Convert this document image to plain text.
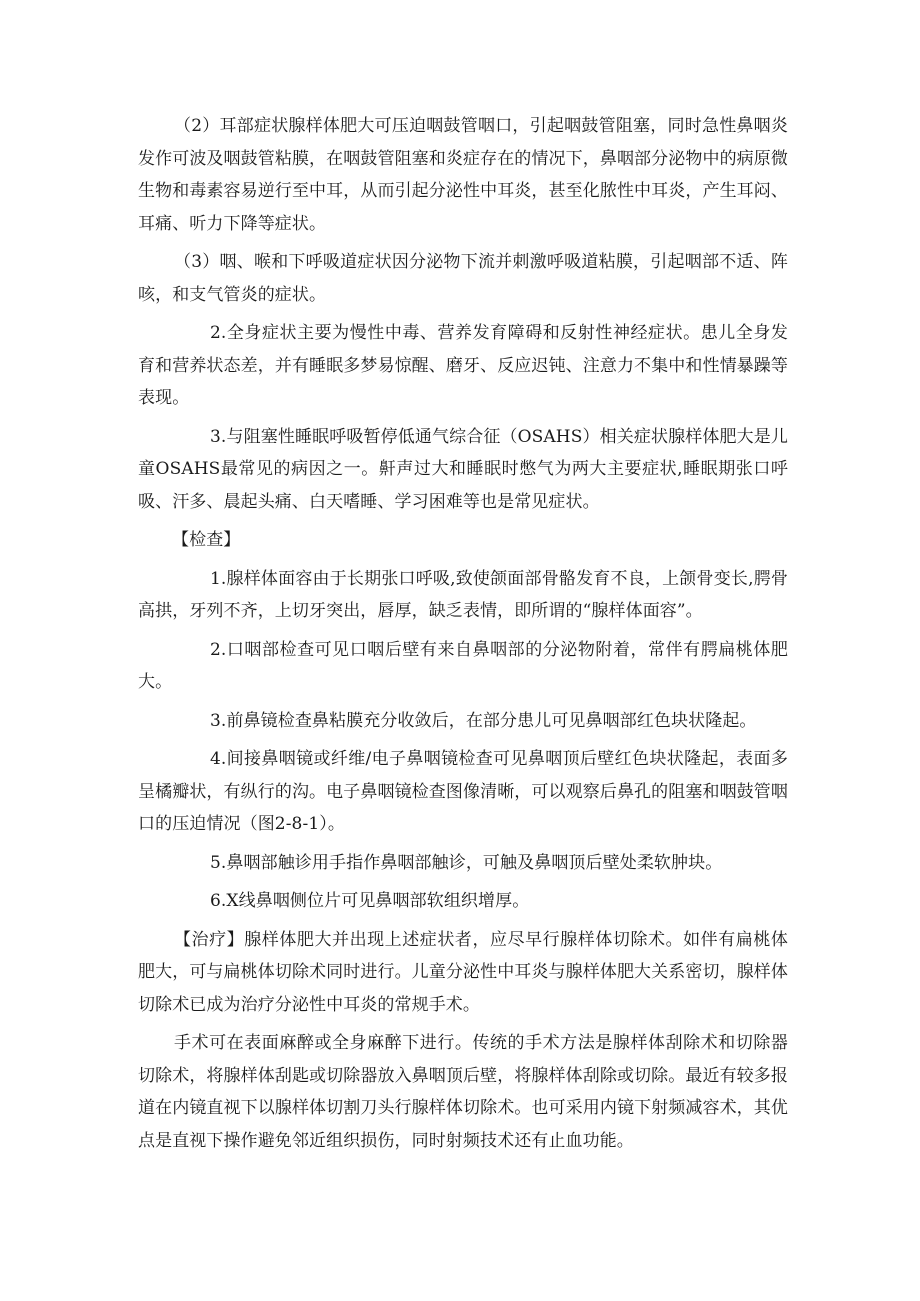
（2）耳部症状腺样体肥大可压迫咽鼓管咽口，引起咽鼓管阻塞，同时急性鼻咽炎发作可波及咽鼓管粘膜，在咽鼓管阻塞和炎症存在的情况下，鼻咽部分泌物中的病原微生物和毒素容易逆行至中耳，从而引起分泌性中耳炎，甚至化脓性中耳炎，产生耳闷、耳痛、听力下降等症状。

（3）咽、喉和下呼吸道症状因分泌物下流并刺激呼吸道粘膜，引起咽部不适、阵咳，和支气管炎的症状。

2.全身症状主要为慢性中毒、营养发育障碍和反射性神经症状。患儿全身发育和营养状态差，并有睡眠多梦易惊醒、磨牙、反应迟钝、注意力不集中和性情暴躁等表现。

3.与阻塞性睡眠呼吸暂停低通气综合征（OSAHS）相关症状腺样体肥大是儿童OSAHS最常见的病因之一。鼾声过大和睡眠时憋气为两大主要症状,睡眠期张口呼吸、汗多、晨起头痛、白天嗜睡、学习困难等也是常见症状。

【检查】

1.腺样体面容由于长期张口呼吸,致使颌面部骨骼发育不良，上颌骨变长,腭骨高拱，牙列不齐，上切牙突出，唇厚，缺乏表情，即所谓的“腺样体面容”。

2.口咽部检查可见口咽后壁有来自鼻咽部的分泌物附着，常伴有腭扁桃体肥大。

3.前鼻镜检查鼻粘膜充分收敛后，在部分患儿可见鼻咽部红色块状隆起。

4.间接鼻咽镜或纤维/电子鼻咽镜检查可见鼻咽顶后壁红色块状隆起，表面多呈橘瓣状，有纵行的沟。电子鼻咽镜检查图像清晰，可以观察后鼻孔的阻塞和咽鼓管咽口的压迫情况（图2-8-1）。

5.鼻咽部触诊用手指作鼻咽部触诊，可触及鼻咽顶后壁处柔软肿块。

6.X线鼻咽侧位片可见鼻咽部软组织增厚。

【治疗】腺样体肥大并出现上述症状者，应尽早行腺样体切除术。如伴有扁桃体肥大，可与扁桃体切除术同时进行。儿童分泌性中耳炎与腺样体肥大关系密切，腺样体切除术已成为治疗分泌性中耳炎的常规手术。

手术可在表面麻醉或全身麻醉下进行。传统的手术方法是腺样体刮除术和切除器切除术，将腺样体刮匙或切除器放入鼻咽顶后壁，将腺样体刮除或切除。最近有较多报道在内镜直视下以腺样体切割刀头行腺样体切除术。也可采用内镜下射频减容术，其优点是直视下操作避免邻近组织损伤，同时射频技术还有止血功能。
